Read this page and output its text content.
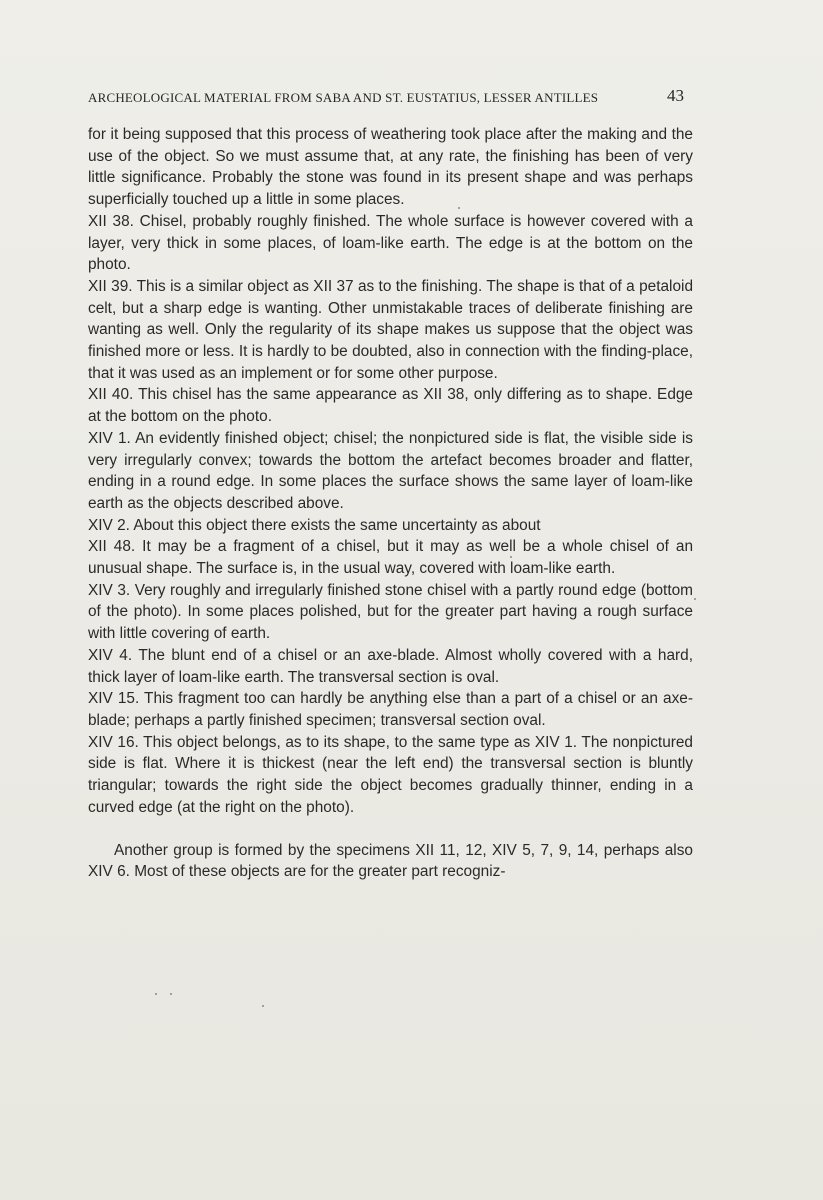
ARCHEOLOGICAL MATERIAL FROM SABA AND ST. EUSTATIUS, LESSER ANTILLES	43

for it being supposed that this process of weathering took place after the making and the use of the object. So we must assume that, at any rate, the finishing has been of very little significance. Probably the stone was found in its present shape and was perhaps superficially touched up a little in some places.

XII 38. Chisel, probably roughly finished. The whole surface is however covered with a layer, very thick in some places, of loam-like earth. The edge is at the bottom on the photo.

XII 39. This is a similar object as XII 37 as to the finishing. The shape is that of a petaloid celt, but a sharp edge is wanting. Other unmistakable traces of deliberate finishing are wanting as well. Only the regularity of its shape makes us suppose that the object was finished more or less. It is hardly to be doubted, also in connection with the finding-place, that it was used as an implement or for some other purpose.

XII 40. This chisel has the same appearance as XII 38, only differing as to shape. Edge at the bottom on the photo.

XIV 1. An evidently finished object; chisel; the nonpictured side is flat, the visible side is very irregularly convex; towards the bottom the artefact becomes broader and flatter, ending in a round edge. In some places the surface shows the same layer of loam-like earth as the objects described above.

XIV 2. About this object there exists the same uncertainty as about

XII 48. It may be a fragment of a chisel, but it may as well be a whole chisel of an unusual shape. The surface is, in the usual way, covered with loam-like earth.

XIV 3. Very roughly and irregularly finished stone chisel with a partly round edge (bottom of the photo). In some places polished, but for the greater part having a rough surface with little covering of earth.

XIV 4. The blunt end of a chisel or an axe-blade. Almost wholly covered with a hard, thick layer of loam-like earth. The transversal section is oval.

XIV 15. This fragment too can hardly be anything else than a part of a chisel or an axe-blade; perhaps a partly finished specimen; transversal section oval.

XIV 16. This object belongs, as to its shape, to the same type as XIV 1. The nonpictured side is flat. Where it is thickest (near the left end) the transversal section is bluntly triangular; towards the right side the object becomes gradually thinner, ending in a curved edge (at the right on the photo).

Another group is formed by the specimens XII 11, 12, XIV 5, 7, 9, 14, perhaps also XIV 6. Most of these objects are for the greater part recogniz-
